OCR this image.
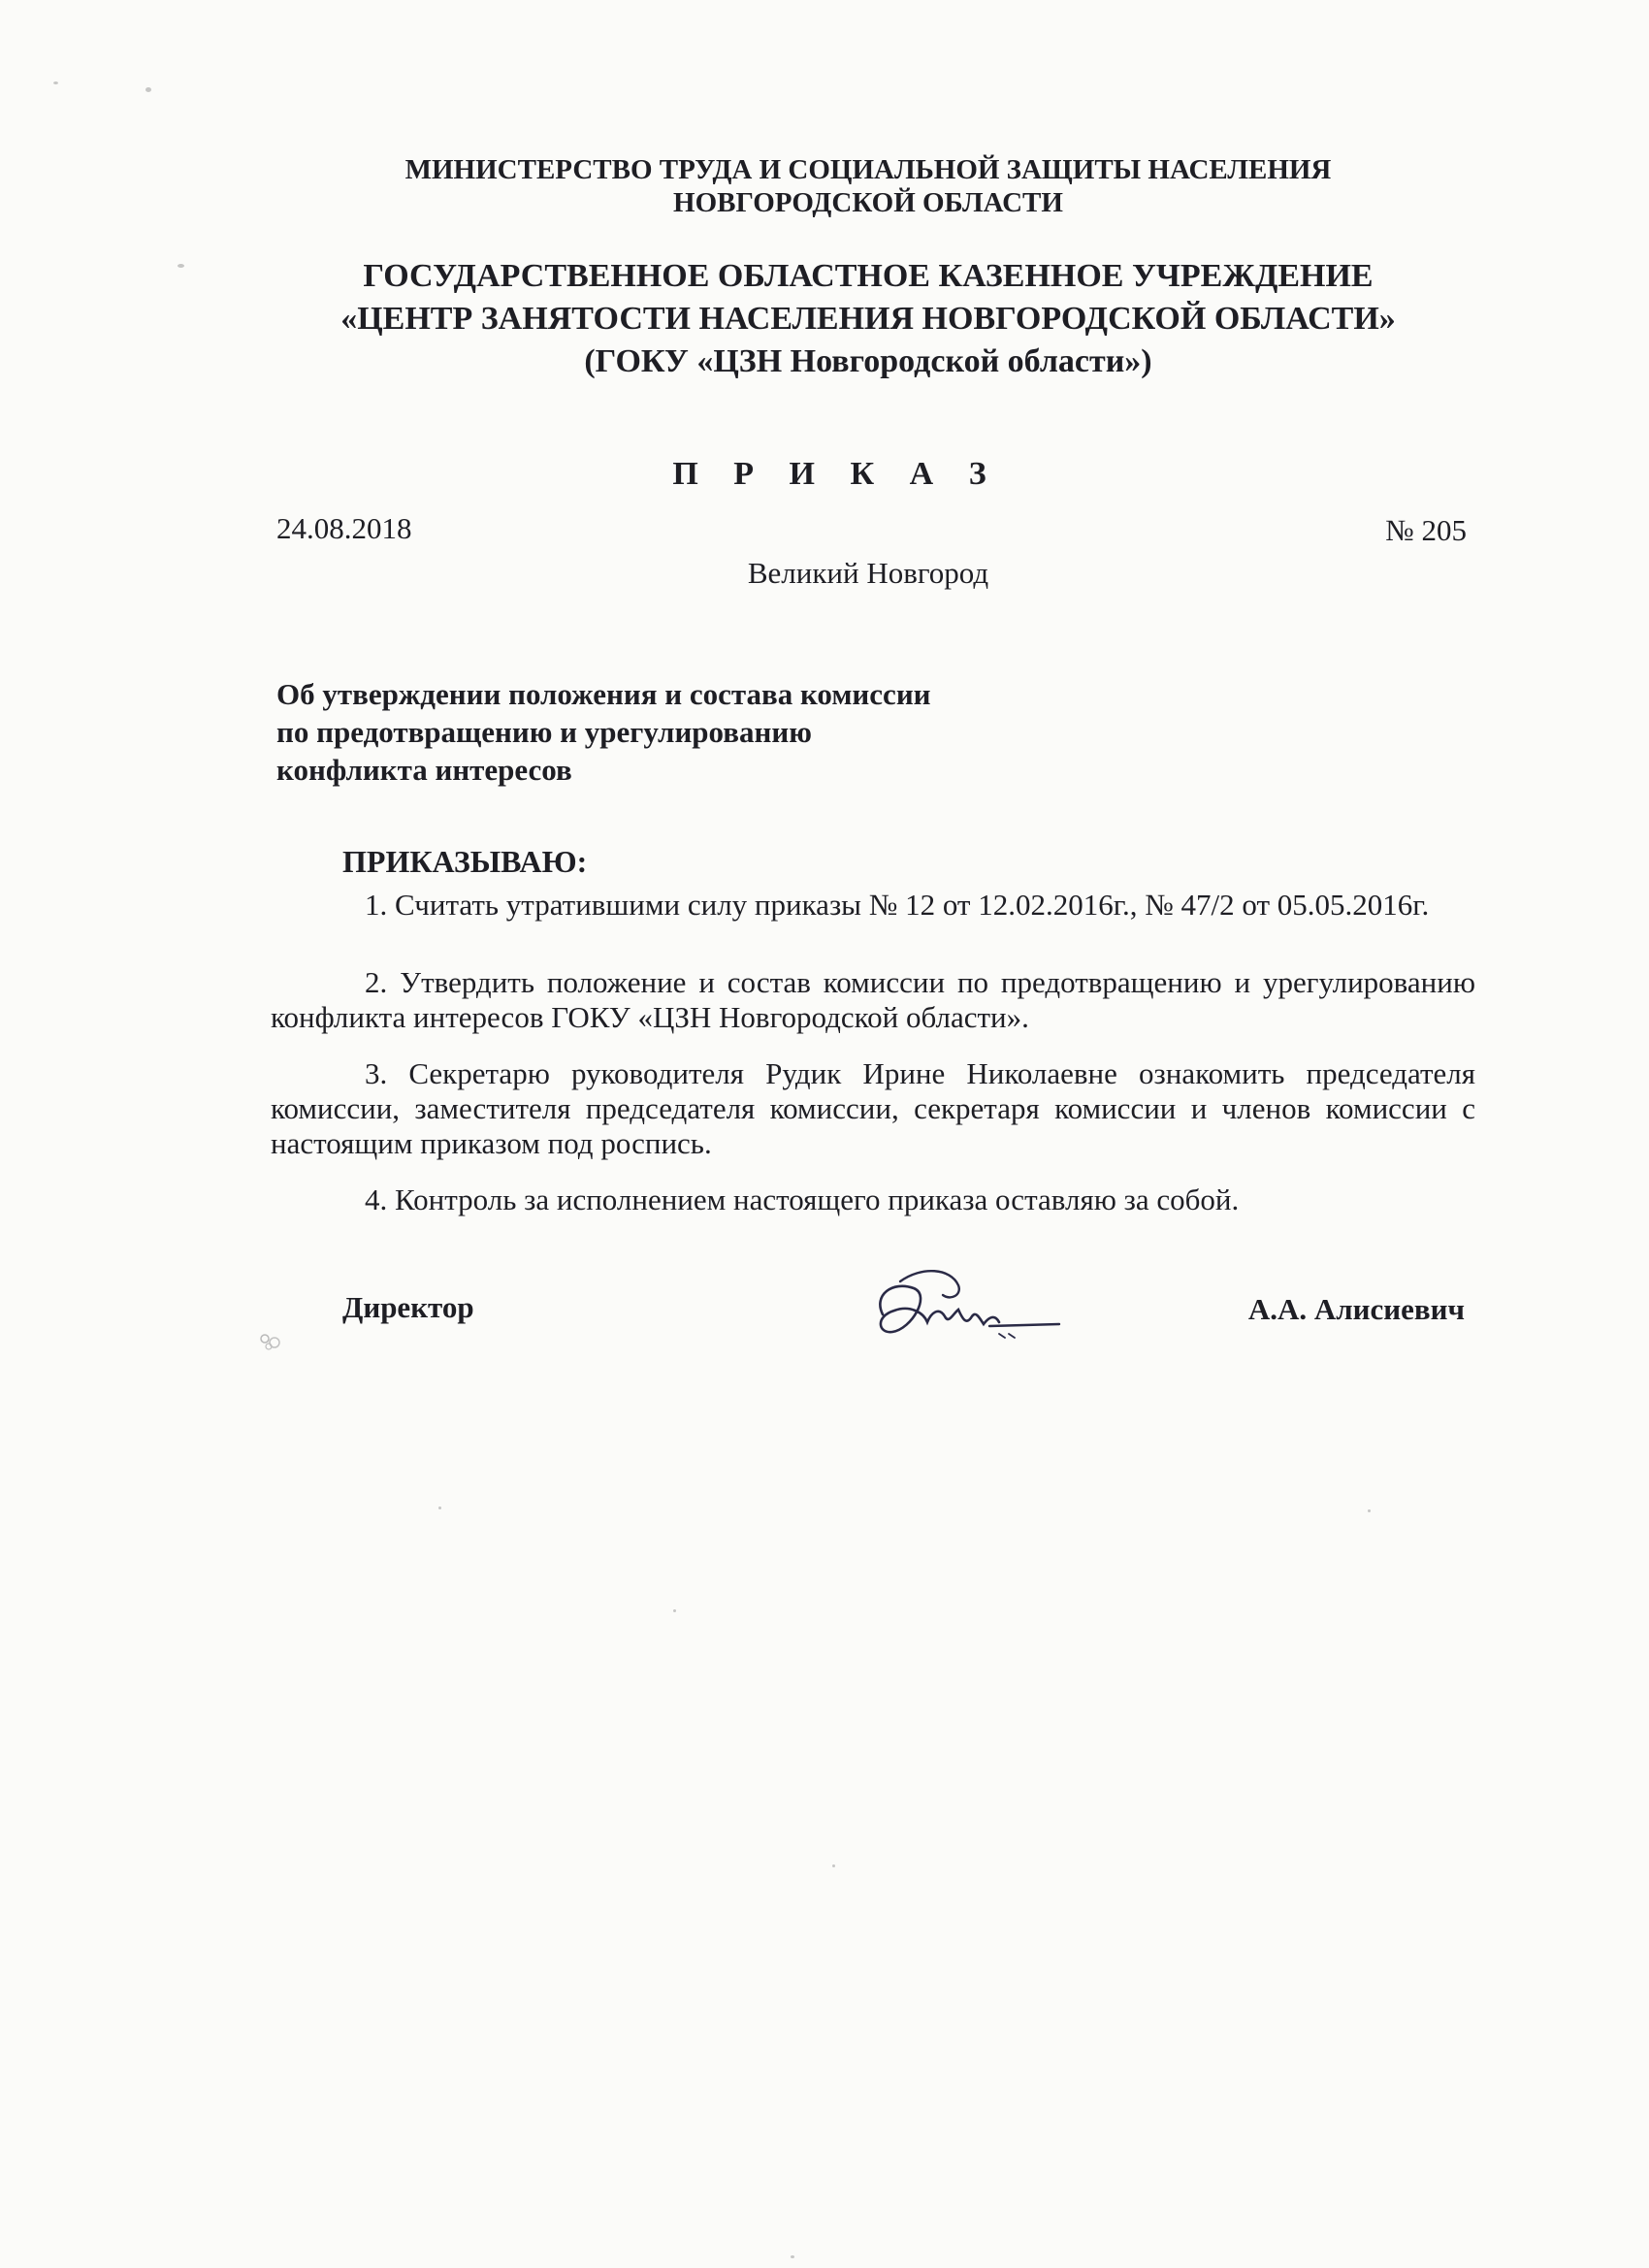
МИНИСТЕРСТВО ТРУДА И СОЦИАЛЬНОЙ ЗАЩИТЫ НАСЕЛЕНИЯ
НОВГОРОДСКОЙ ОБЛАСТИ
ГОСУДАРСТВЕННОЕ ОБЛАСТНОЕ КАЗЕННОЕ УЧРЕЖДЕНИЕ
«ЦЕНТР ЗАНЯТОСТИ НАСЕЛЕНИЯ НОВГОРОДСКОЙ ОБЛАСТИ»
(ГОКУ «ЦЗН Новгородской области»)
П Р И К А З
24.08.2018	№ 205
Великий Новгород
Об утверждении положения и состава комиссии
по предотвращению и урегулированию
конфликта интересов
ПРИКАЗЫВАЮ:
1. Считать утратившими силу приказы № 12 от 12.02.2016г., № 47/2 от 05.05.2016г.
2. Утвердить положение и состав комиссии по предотвращению и урегулированию конфликта интересов ГОКУ «ЦЗН Новгородской области».
3. Секретарю руководителя Рудик Ирине Николаевне ознакомить председателя комиссии, заместителя председателя комиссии, секретаря комиссии и членов комиссии с настоящим приказом под роспись.
4. Контроль за исполнением настоящего приказа оставляю за собой.
Директор	А.А. Алисиевич
